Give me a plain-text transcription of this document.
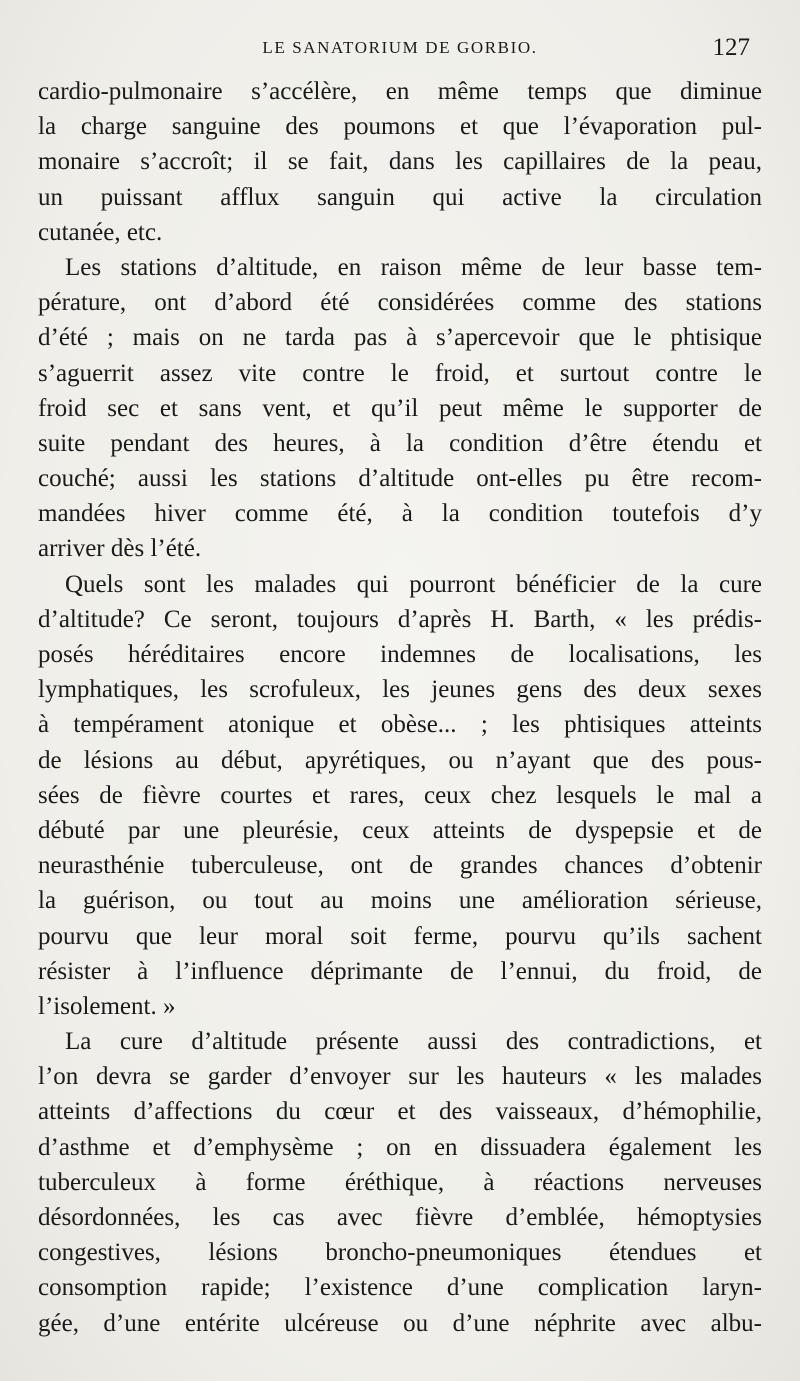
LE SANATORIUM DE GORBIO.	127
cardio-pulmonaire s’accélère, en même temps que diminue
la charge sanguine des poumons et que l’évaporation pul-
monaire s’accroît; il se fait, dans les capillaires de la peau,
un puissant afflux sanguin qui active la circulation
cutanée, etc.
Les stations d’altitude, en raison même de leur basse tem-
pérature, ont d’abord été considérées comme des stations
d’été ; mais on ne tarda pas à s’apercevoir que le phtisique
s’aguerrit assez vite contre le froid, et surtout contre le
froid sec et sans vent, et qu’il peut même le supporter de
suite pendant des heures, à la condition d’être étendu et
couché; aussi les stations d’altitude ont-elles pu être recom-
mandées hiver comme été, à la condition toutefois d’y
arriver dès l’été.
Quels sont les malades qui pourront bénéficier de la cure
d’altitude? Ce seront, toujours d’après H. Barth, « les prédis-
posés héréditaires encore indemnes de localisations, les
lymphatiques, les scrofuleux, les jeunes gens des deux sexes
à tempérament atonique et obèse... ; les phtisiques atteints
de lésions au début, apyrétiques, ou n’ayant que des pous-
sées de fièvre courtes et rares, ceux chez lesquels le mal a
débuté par une pleurésie, ceux atteints de dyspepsie et de
neurasthénie tuberculeuse, ont de grandes chances d’obtenir
la guérison, ou tout au moins une amélioration sérieuse,
pourvu que leur moral soit ferme, pourvu qu’ils sachent
résister à l’influence déprimante de l’ennui, du froid, de
l’isolement. »
La cure d’altitude présente aussi des contradictions, et
l’on devra se garder d’envoyer sur les hauteurs « les malades
atteints d’affections du cœur et des vaisseaux, d’hémophilie,
d’asthme et d’emphysème ; on en dissuadera également les
tuberculeux à forme éréthique, à réactions nerveuses
désordonnées, les cas avec fièvre d’emblée, hémoptysies
congestives, lésions broncho-pneumoniques étendues et
consomption rapide; l’existence d’une complication laryn-
gée, d’une entérite ulcéreuse ou d’une néphrite avec albu-
